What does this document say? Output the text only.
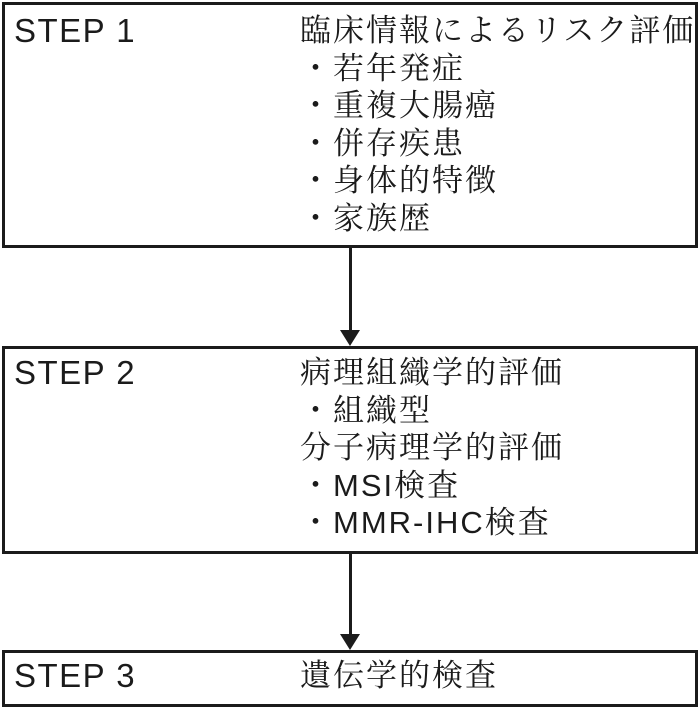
STEP 1	臨床情報によるリスク評価
・若年発症
・重複大腸癌
・併存疾患
・身体的特徴
・家族歴
STEP 2	病理組織学的評価
・組織型
分子病理学的評価
・MSI検査
・MMR-IHC検査
STEP 3	遺伝学的検査
